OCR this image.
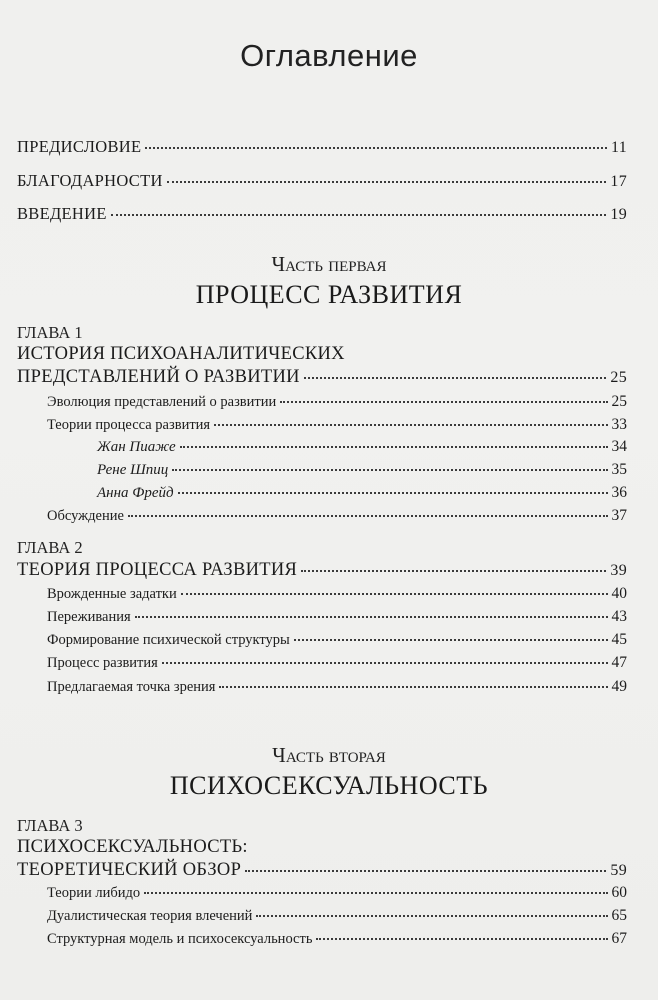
Оглавление
ПРЕДИСЛОВИЕ	11
БЛАГОДАРНОСТИ	17
ВВЕДЕНИЕ	19
Часть первая
ПРОЦЕСС РАЗВИТИЯ
ГЛАВА 1
ИСТОРИЯ ПСИХОАНАЛИТИЧЕСКИХ
ПРЕДСТАВЛЕНИЙ О РАЗВИТИИ	25
Эволюция представлений о развитии	25
Теории процесса развития	33
Жан Пиаже	34
Рене Шпиц	35
Анна Фрейд	36
Обсуждение	37
ГЛАВА 2
ТЕОРИЯ ПРОЦЕССА РАЗВИТИЯ	39
Врожденные задатки	40
Переживания	43
Формирование психической структуры	45
Процесс развития	47
Предлагаемая точка зрения	49
Часть вторая
ПСИХОСЕКСУАЛЬНОСТЬ
ГЛАВА 3
ПСИХОСЕКСУАЛЬНОСТЬ:
ТЕОРЕТИЧЕСКИЙ ОБЗОР	59
Теории либидо	60
Дуалистическая теория влечений	65
Структурная модель и психосексуальность	67
